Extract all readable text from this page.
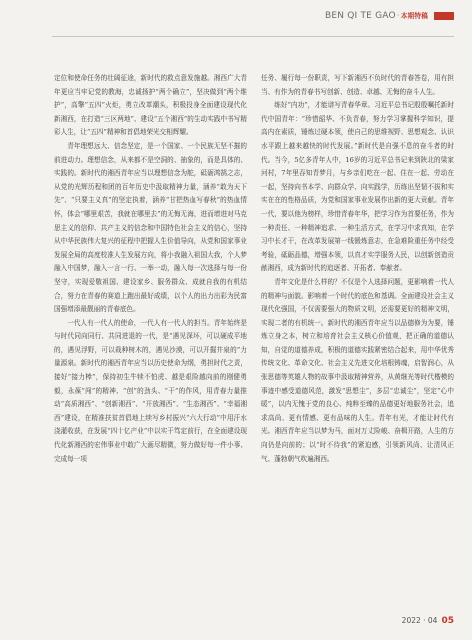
BEN QI TE GAO·本期特稿

定位和使命任务的壮阔征途，新时代的救点意发施越。湘西广大青年更应当牢记党的教海，忠诚扬护“两个确立”，坚决做到“两个维护”，高擎“五四”火炬，勇立改革潮头，积极投身全面建设现代化新湘西，在打造“三区两地”、建设“五个湘西”的生动实践中书写精彩人生，让“五四”精神和首倡地荣光交相辉耀。

青年理想远大、信念坚定，是一个国家、一个民族无坚不摧的前进动力。理想信念，从来都不是空洞的、抽象的，而是具体的、实践的。新时代的湘西青年应当以理想信念为舵，砥砺鸿鹄之志，从党的光辉历程和团的百年历史中汲取精神力量，涵养“敢为天下先”、“只要主义真”的坚定执着，涵养“甘把热血写春秋”的热血情怀，体会“哪里艰苦，我就在哪里去”的无悔无海，进而增进对马克思主义的信仰、共产主义的信念和中国特色社会主义的信心，坚持从中华民族伟大复兴的征程中把握人生价值导向，从党和国家事业发展全局的高度校准人生发展方向，将小我融入祖国大我，个人梦融入中国梦，融入一言一行、一举一动，融入每一次选择与每一份坚守，实现爱敬祖国、建设家乡、服务群众、成就自我的有机结合，努力在青春的赛道上跑出最好成绩，以个人的出力出彩为民富国强增添最靓丽的青春底色。

一代人有一代人的使命，一代人有一代人的担当。青年始终是与时代同向同行、共同进退的一代，是“遇见深坏，可以硬成平地的，遇见浮野，可以栽种树木的，遇见沙漠，可以开掘井泉的”力量源泉。新时代的湘西青年应当以历史使命为纲，勇担时代之责，接好“接力棒”，保持初生牛犊不怕虎、越是艰险越向前的刚健勇毅，永葆“闯”的精神、“创”的劲头、“干”的作风，用青春力量推动“高质湘西”、“创新湘西”、“开放湘西”、“生态湘西”、“幸福湘西”建设，在精准扶贫首倡地上续写乡村振兴“六大行动”中用汗水浇灌收获，在发展“四十亿产业”中以实干笃定前行，在全面建设现代化新湘西的宏伟事业中敢广大画尽精微，努力做好每一件小事、完成每一项

任务、履行每一份职责，写下新湘西不负时代的青春答卷，用有担当、有作为的青春书写创新、创造、卓越、无悔的奋斗人生。

练好“内功”，才能谱写青春华章。习近平总书记殷殷嘱托新时代中国青年：“珍惜韶华、不负青春，努力学习掌握科学知识，提高内在素质，锤炼过硬本领，使自己的思维视野、思想观念、认识水平跟上越来越快的时代发展。”新时代是自强不息的奋斗者的时代。当今，5亿多青年人中，16岁的习近平总书记来到陕北的梁家河村，7年里吞知青梦月，与乡亲们吃在一起、住在一起、劳动在一起，坚持向书本学、向群众学、向实践学，历练出坚韧不拔和实实在在的性格品质，为党和国家事业发展作出新的更大贡献。青年一代，要以他为榜样，珍惜青春年华，把学习作为首要任务，作为一种责任、一种精神追求、一种生活方式，在学习中求真知，在学习中长才干，在改革发展第一线锻炼意志，在急难险重任务中经受考验，砥砺品德，增强本领，以真才实学服务人民，以创新创造贡献湘西，成为新时代的追逐者、开拓者、奉献者。

青年文化是什么样的？不仅是个人选择问题，更影响着一代人的精神与面貌。影响着一个时代的底色和基调。全面建设社会主义现代化强国，不仅需要强大的物质文明，还需要更好的精神文明，实现二者的有机统一。新时代的湘西青年应当以品德修为为要，锤炼立身之本，树立和培育社会主义核心价值观，把正确的道德认知，自觉的道德养成，积极的道德实践紧密结合起来，用中华优秀传统文化、革命文化、社会主义先进文化培根铸魂，启智润心，从张思德等英雄人物的故事中汲取精神营养，从黄继光等时代楷模的事迹中感受道德风范，激发“思想尘”，多层“忠诚尘”，坚定“心中暖”，以内无愧于党的良心、纯粹至臻的品德更好地服务社会，追求高尚、更有情感、更有品味的人生。青年有光，才能让时代有光。湘西青年应当以梦为马，面对万丈险峻、奋楫开路，人生的方向仍是向前的；以“时不待我”的紧迫感，引领新风尚、让清风正气、蓬勃朝气吹遍湘西。

2022 · 04 05
